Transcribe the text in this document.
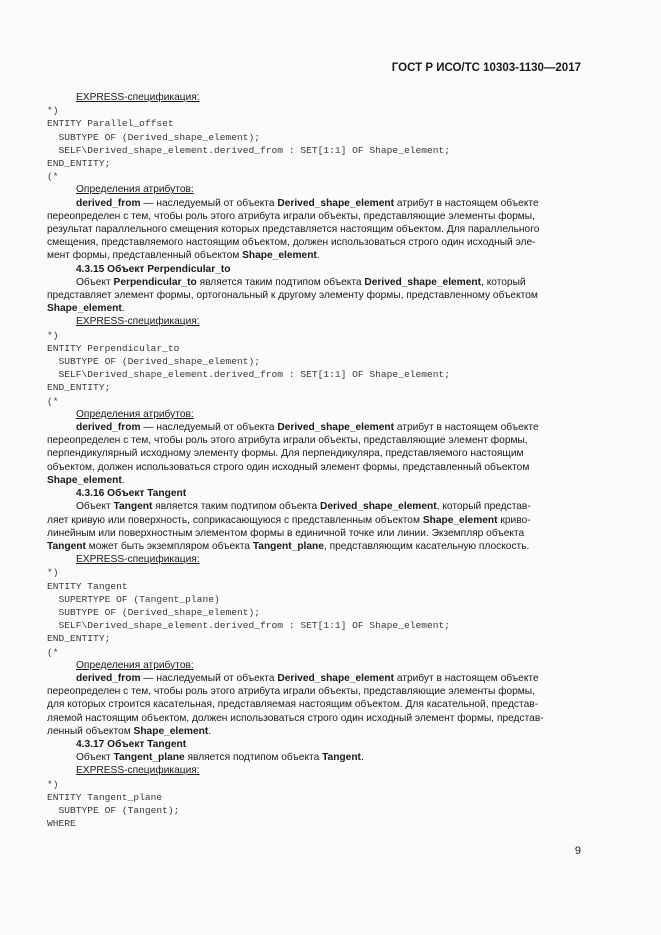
ГОСТ Р ИСО/ТС 10303-1130—2017
EXPRESS-спецификация:
*)
ENTITY Parallel_offset
SUBTYPE OF (Derived_shape_element);
SELF\Derived_shape_element.derived_from : SET[1:1] OF Shape_element;
END_ENTITY;
(*
Определения атрибутов:
derived_from — наследуемый от объекта Derived_shape_element атрибут в настоящем объекте
переопределен с тем, чтобы роль этого атрибута играли объекты, представляющие элементы формы,
результат параллельного смещения которых представляется настоящим объектом. Для параллельного
смещения, представляемого настоящим объектом, должен использоваться строго один исходный эле-
мент формы, представленный объектом Shape_element.
4.3.15 Объект Perpendicular_to
Объект Perpendicular_to является таким подтипом объекта Derived_shape_element, который
представляет элемент формы, ортогональный к другому элементу формы, представленному объектом
Shape_element.
EXPRESS-спецификация:
*)
ENTITY Perpendicular_to
SUBTYPE OF (Derived_shape_element);
SELF\Derived_shape_element.derived_from : SET[1:1] OF Shape_element;
END_ENTITY;
(*
Определения атрибутов:
derived_from — наследуемый от объекта Derived_shape_element атрибут в настоящем объекте
переопределен с тем, чтобы роль этого атрибута играли объекты, представляющие элемент формы,
перпендикулярный исходному элементу формы. Для перпендикуляра, представляемого настоящим
объектом, должен использоваться строго один исходный элемент формы, представленный объектом
Shape_element.
4.3.16 Объект Tangent
Объект Tangent является таким подтипом объекта Derived_shape_element, который представ-
ляет кривую или поверхность, соприкасающуюся с представленным объектом Shape_element криво-
линейным или поверхностным элементом формы в единичной точке или линии. Экземпляр объекта
Tangent может быть экземпляром объекта Tangent_plane, представляющим касательную плоскость.
EXPRESS-спецификация:
*)
ENTITY Tangent
SUPERTYPE OF (Tangent_plane)
SUBTYPE OF (Derived_shape_element);
SELF\Derived_shape_element.derived_from : SET[1:1] OF Shape_element;
END_ENTITY;
(*
Определения атрибутов:
derived_from — наследуемый от объекта Derived_shape_element атрибут в настоящем объекте
переопределен с тем, чтобы роль этого атрибута играли объекты, представляющие элементы формы,
для которых строится касательная, представляемая настоящим объектом. Для касательной, представ-
ляемой настоящим объектом, должен использоваться строго один исходный элемент формы, представ-
ленный объектом Shape_element.
4.3.17 Объект Tangent
Объект Tangent_plane является подтипом объекта Tangent.
EXPRESS-спецификация:
*)
ENTITY Tangent_plane
SUBTYPE OF (Tangent);
WHERE
9
